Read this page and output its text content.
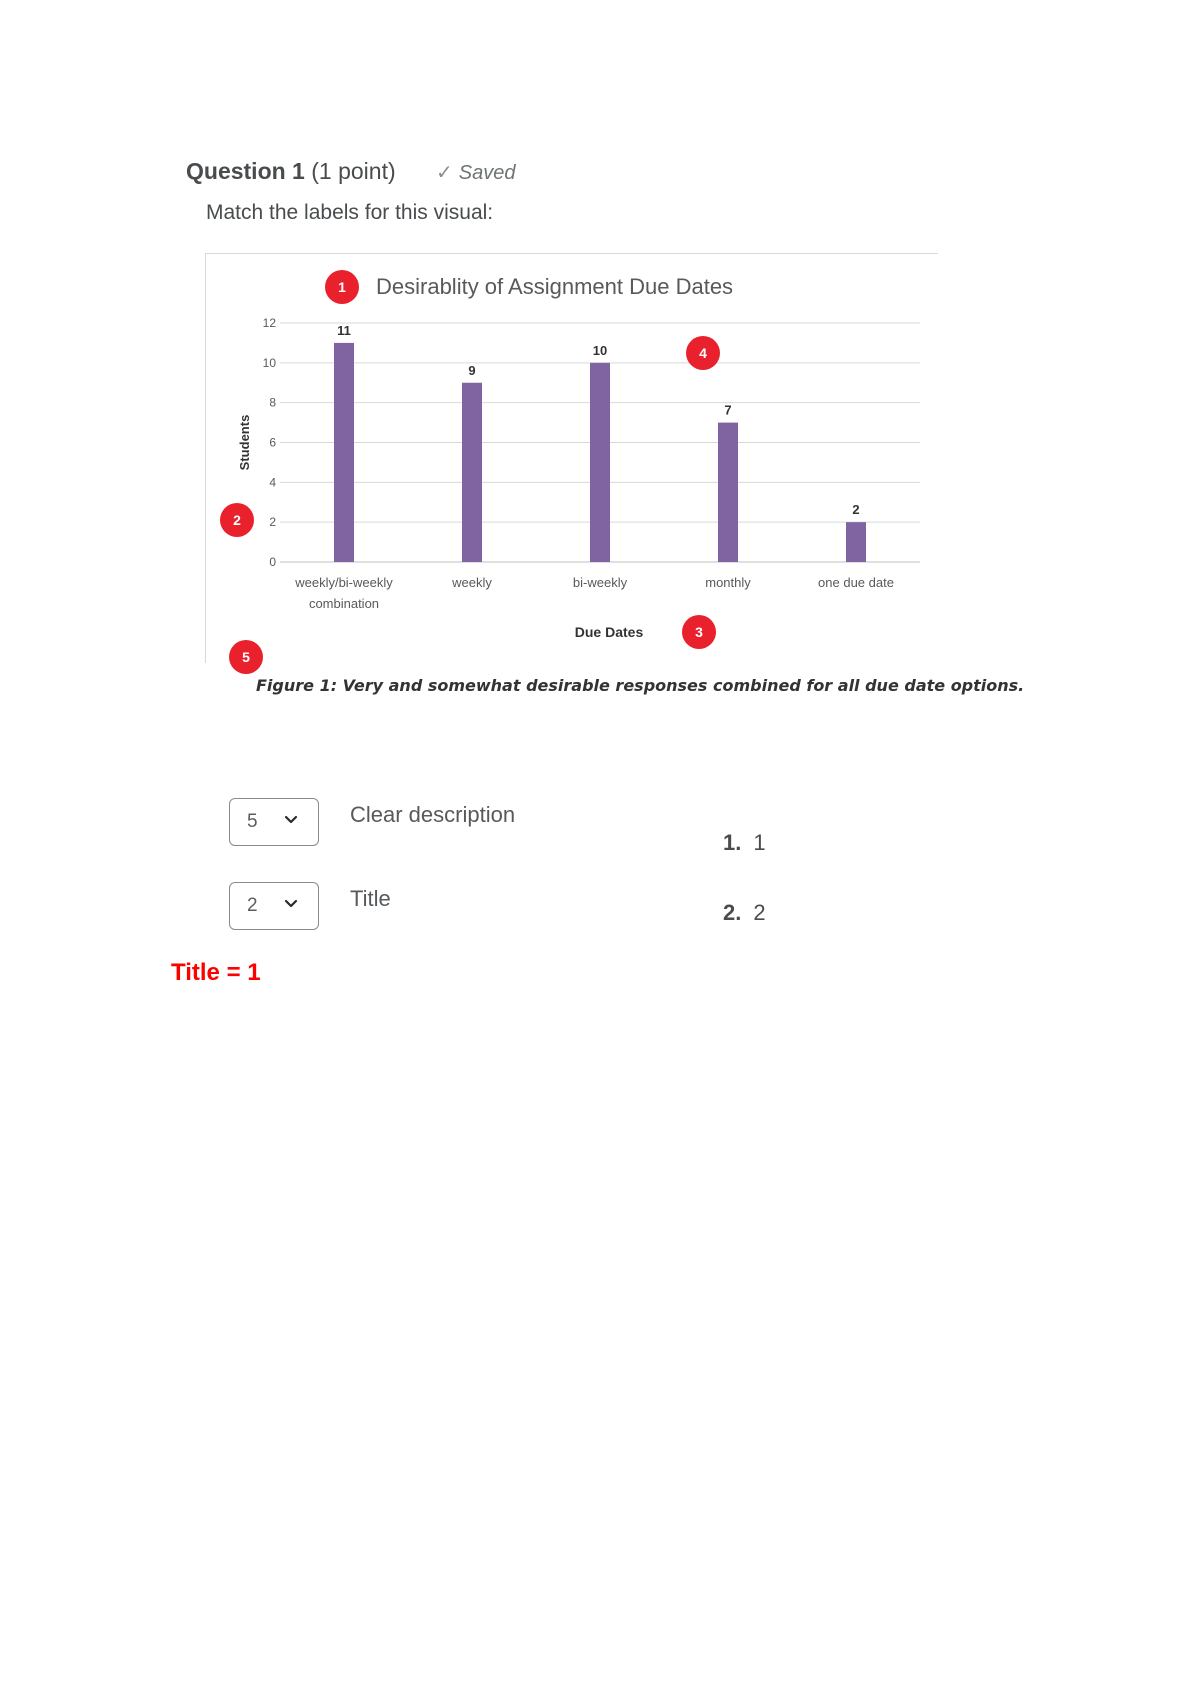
Question 1 (1 point) ✓ Saved
Match the labels for this visual:
Desirablity of Assignment Due Dates
0
2
4
6
8
10
12
Students
11
weekly/bi-weekly
combination
9
weekly
10
bi-weekly
7
monthly
2
one due date
Due Dates
1
2
3
4
5
Figure 1: Very and somewhat desirable responses combined for all due date options.
5	Clear description
2	Title
1. 1
2. 2
Title = 1
